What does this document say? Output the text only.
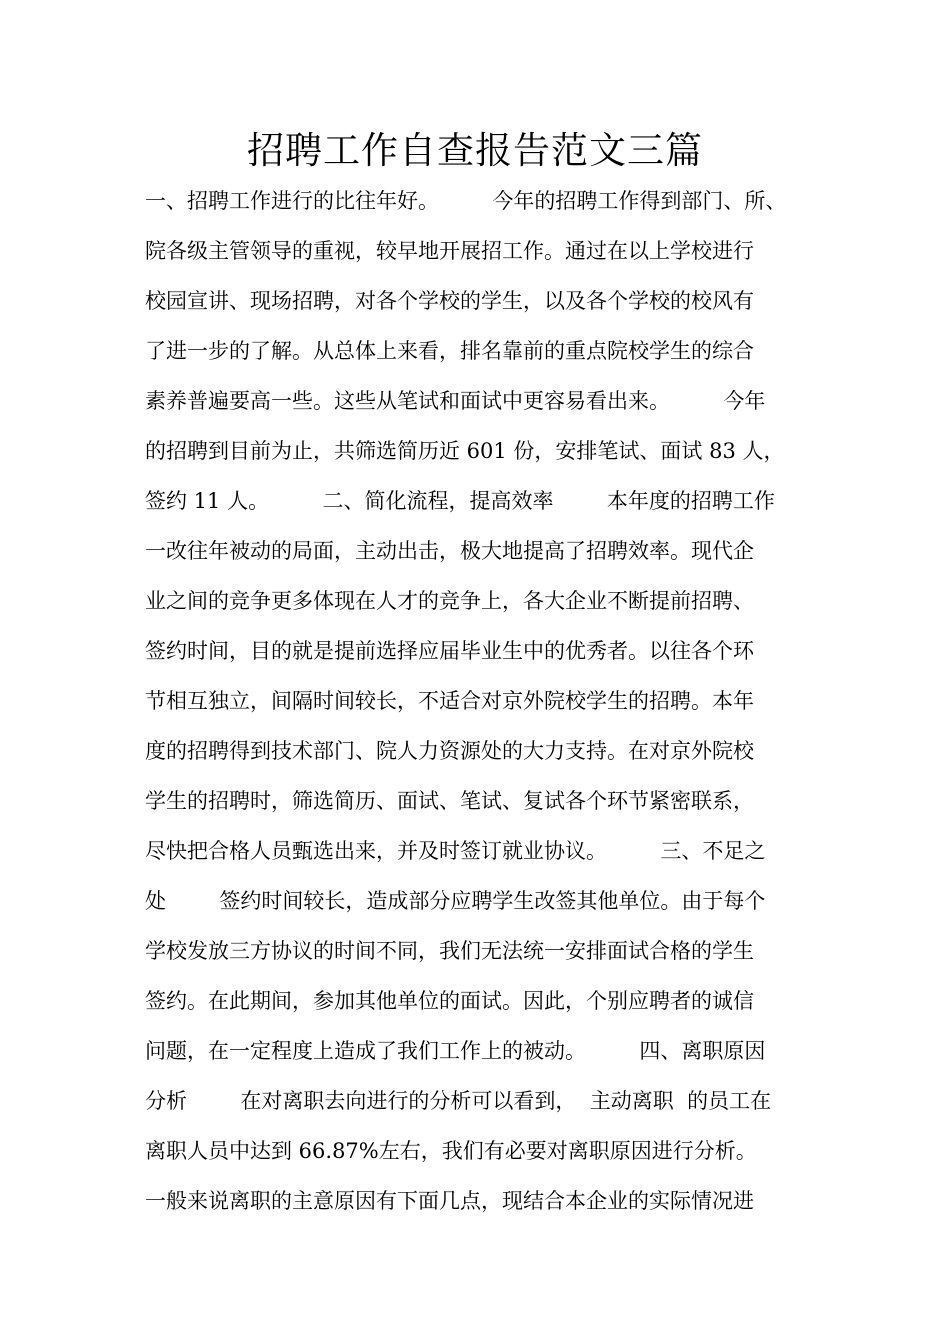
招聘工作自查报告范文三篇
一、招聘工作进行的比往年好。        今年的招聘工作得到部门、所、
院各级主管领导的重视，较早地开展招工作。通过在以上学校进行
校园宣讲、现场招聘，对各个学校的学生，以及各个学校的校风有
了进一步的了解。从总体上来看，排名靠前的重点院校学生的综合
素养普遍要高一些。这些从笔试和面试中更容易看出来。        今年
的招聘到目前为止，共筛选简历近 601 份，安排笔试、面试 83 人，
签约 11 人。        二、简化流程，提高效率        本年度的招聘工作
一改往年被动的局面，主动出击，极大地提高了招聘效率。现代企
业之间的竞争更多体现在人才的竞争上，各大企业不断提前招聘、
签约时间，目的就是提前选择应届毕业生中的优秀者。以往各个环
节相互独立，间隔时间较长，不适合对京外院校学生的招聘。本年
度的招聘得到技术部门、院人力资源处的大力支持。在对京外院校
学生的招聘时，筛选简历、面试、笔试、复试各个环节紧密联系，
尽快把合格人员甄选出来，并及时签订就业协议。        三、不足之
处        签约时间较长，造成部分应聘学生改签其他单位。由于每个
学校发放三方协议的时间不同，我们无法统一安排面试合格的学生
签约。在此期间，参加其他单位的面试。因此，个别应聘者的诚信
问题，在一定程度上造成了我们工作上的被动。        四、离职原因
分析        在对离职去向进行的分析可以看到，  主动离职  的员工在
离职人员中达到 66.87%左右，我们有必要对离职原因进行分析。
一般来说离职的主意原因有下面几点，现结合本企业的实际情况进
